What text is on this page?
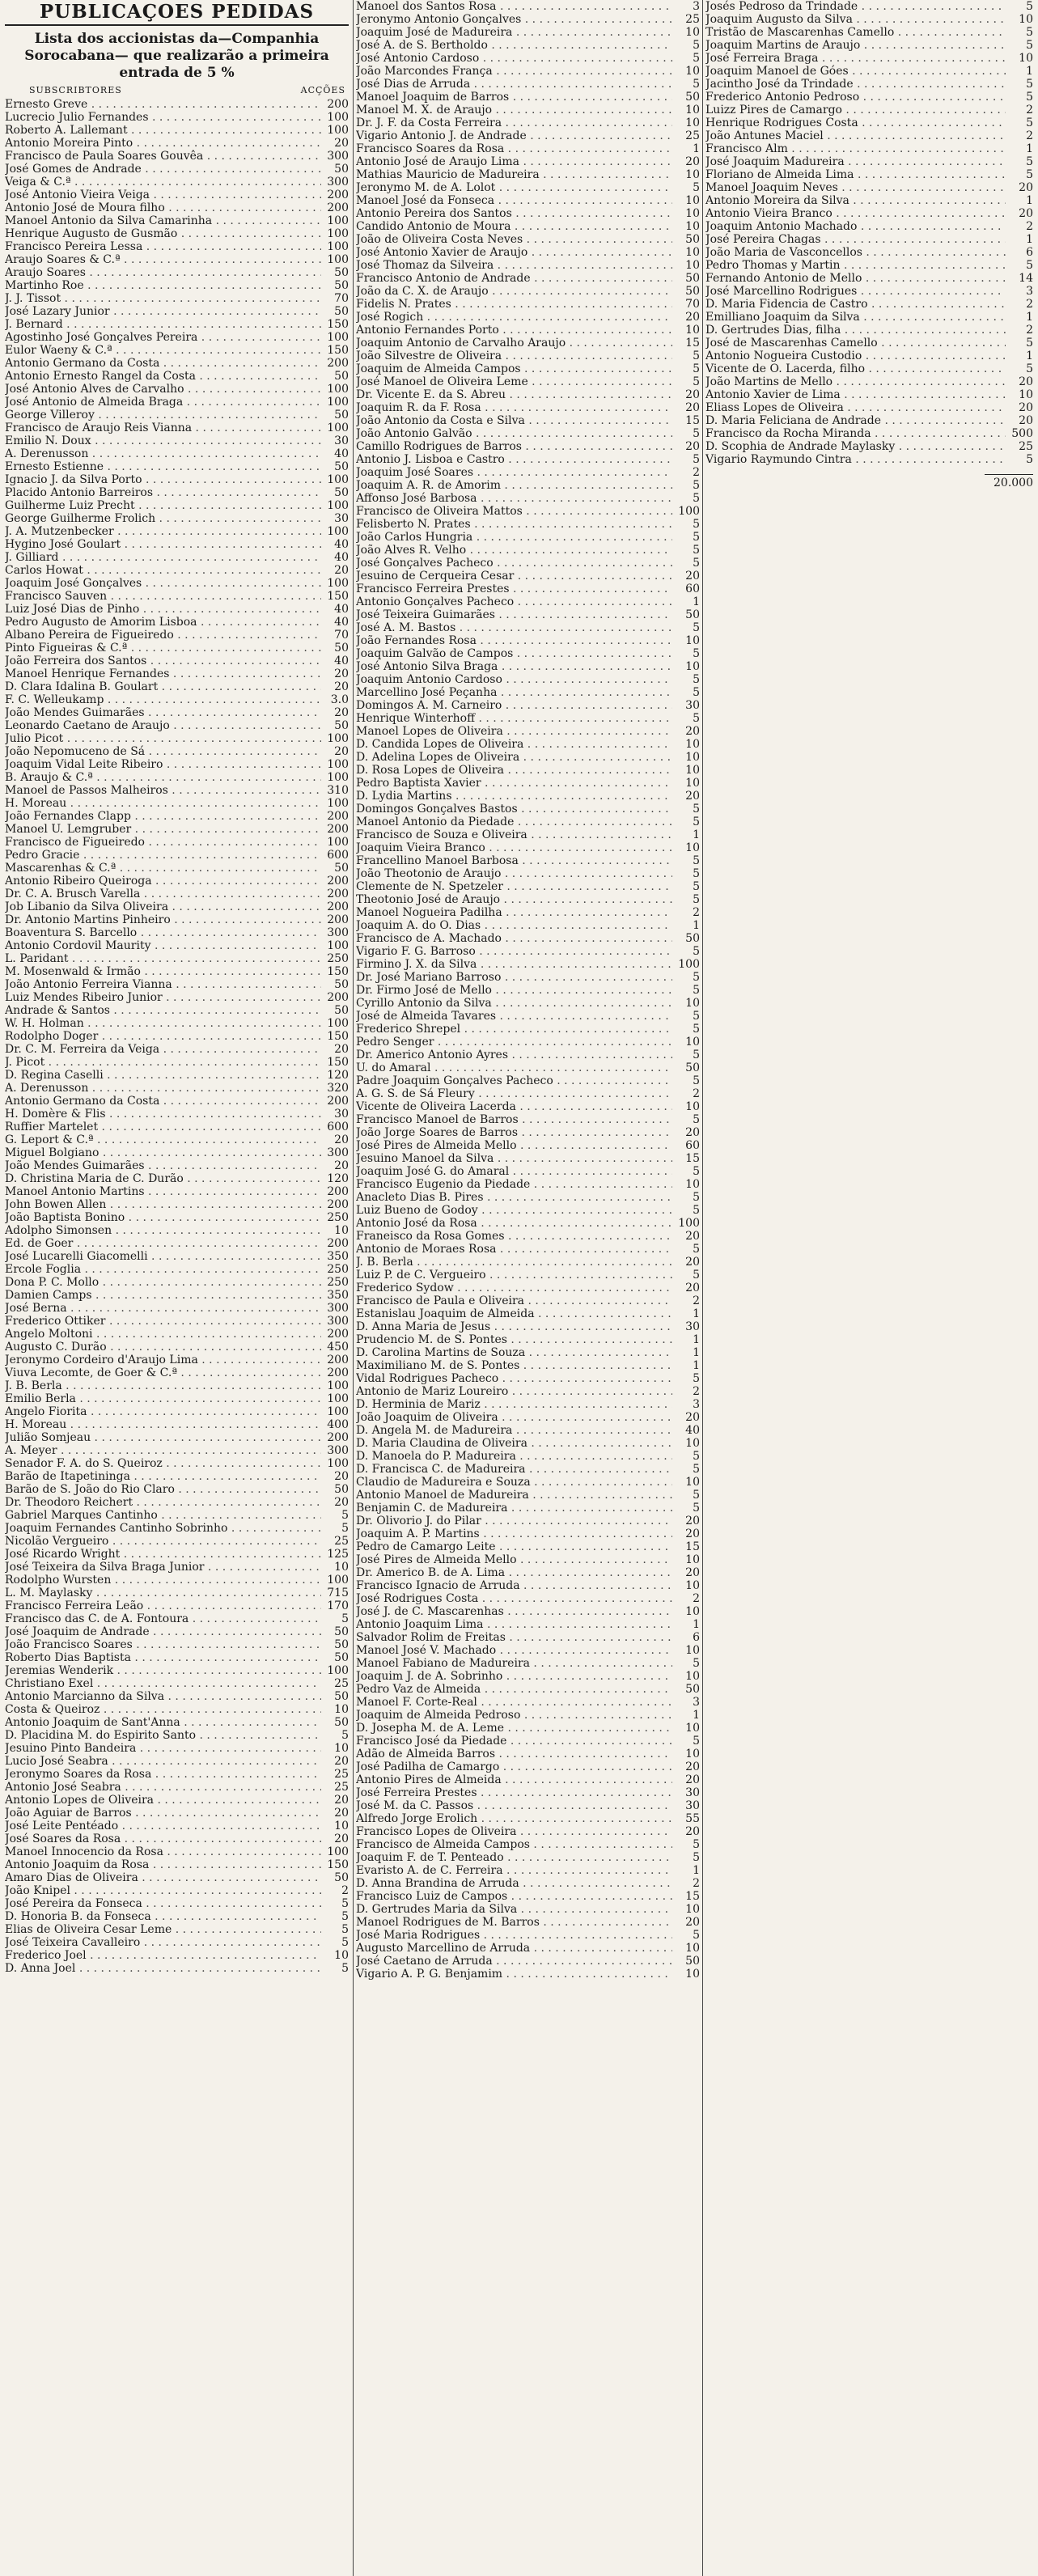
PUBLICAÇOES PEDIDAS
Lista dos accionistas da—Companhia Sorocabana— que realizarão a primeira entrada de 5 %
SUBSCRIBTORES	ACÇÕES
Ernesto Greve . . .	200
Lucrecio Julio Fernandes . . .	100
Roberto A. Lallemant . . .	100
Antonio Moreira Pinto . . .	20
Francisco de Paula Soares Gouvêa . . .	300
José Gomes de Andrade . . .	50
Veiga & C.ª . . .	300
José Antonio Vieira Veiga . . .	200
Antonio José de Moura filho . . .	200
Manoel Antonio da Silva Camarinha . . .	100
Henrique Augusto de Gusmão . . .	100
Francisco Pereira Lessa . . .	100
Araujo Soares & C.ª . . .	100
Araujo Soares . . .	50
Martinho Roe . . .	50
J. J. Tissot . . .	70
José Lazary Junior . . .	50
J. Bernard . . .	150
Agostinho José Gonçalves Pereira . . .	100
Eulor Waeny & C.ª . . .	150
Antonio Germano da Costa . . .	200
Antonio Ernesto Rangel da Costa . . .	50
José Antonio Alves de Carvalho . . .	100
José Antonio de Almeida Braga . . .	100
George Villeroy . . .	50
Francisco de Araujo Reis Vianna . . .	100
Emilio N. Doux . . .	30
A. Derenusson . . .	40
Ernesto Estienne . . .	50
Ignacio J. da Silva Porto . . .	100
Placido Antonio Barreiros . . .	50
Guilherme Luiz Precht . . .	100
George Guilherme Frolich . . .	30
J. A. Mutzenbecker . . .	100
Hygino José Goulart . . .	40
J. Gilliard . . .	40
Carlos Howat . . .	20
Joaquim José Gonçalves . . .	100
Francisco Sauven . . .	150
Luiz José Dias de Pinho . . .	40
Pedro Augusto de Amorim Lisboa . . .	40
Albano Pereira de Figueiredo . . .	70
Pinto Figueiras & C.ª . . .	50
João Ferreira dos Santos . . .	40
Manoel Henrique Fernandes . . .	20
D. Clara Idalina B. Goulart . . .	20
F. C. Welleukamp . . .	3.0
João Mendes Guimarães . . .	20
Leonardo Caetano de Araujo . . .	50
Julio Picot . . .	100
João Nepomuceno de Sá . . .	20
Joaquim Vidal Leite Ribeiro . . .	100
B. Araujo & C.ª . . .	100
Manoel de Passos Malheiros . . .	310
H. Moreau . . .	100
João Fernandes Clapp . . .	200
Manoel U. Lemgruber . . .	200
Francisco de Figueiredo . . .	100
Pedro Gracie . . .	600
Mascarenhas & C.ª . . .	50
Antonio Ribeiro Queiroga . . .	200
Dr. C. A. Brusch Varella . . .	200
Job Libanio da Silva Oliveira . . .	200
Dr. Antonio Martins Pinheiro . . .	200
Boaventura S. Barcello . . .	300
Antonio Cordovil Maurity . . .	100
L. Paridant . . .	250
M. Mosenwald & Irmão . . .	150
João Antonio Ferreira Vianna . . .	50
Luiz Mendes Ribeiro Junior . . .	200
Andrade & Santos . . .	50
W. H. Holman . . .	100
Rodolpho Doger . . .	150
Dr. C. M. Ferreira da Veiga . . .	20
J. Picot . . .	150
D. Regina Caselli . . .	120
A. Derenusson . . .	320
Antonio Germano da Costa . . .	200
H. Domère & Flis . . .	30
Ruffier Martelet . . .	600
G. Leport & C.ª . . .	20
Miguel Bolgiano . . .	300
João Mendes Guimarães . . .	20
D. Christina Maria de C. Durão . . .	120
Manoel Antonio Martins . . .	200
John Bowen Allen . . .	200
João Baptista Bonino . . .	250
Adolpho Simonsen . . .	10
Ed. de Goer . . .	200
José Lucarelli Giacomelli . . .	350
Ercole Foglia . . .	250
Dona P. C. Mollo . . .	250
Damien Camps . . .	350
José Berna . . .	300
Frederico Ottiker . . .	300
Angelo Moltoni . . .	200
Augusto C. Durão . . .	450
Jeronymo Cordeiro d'Araujo Lima . . .	200
Viuva Lecomte, de Goer & C.ª . . .	200
J. B. Berla . . .	100
Emilio Berla . . .	100
Angelo Fiorita . . .	100
H. Moreau . . .	400
Julião Somjeau . . .	200
A. Meyer . . .	300
Senador F. A. do S. Queiroz . . .	100
Barão de Itapetininga . . .	20
Barão de S. João do Rio Claro . . .	50
Dr. Theodoro Reichert . . .	20
Gabriel Marques Cantinho . . .	5
Joaquim Fernandes Cantinho Sobrinho . . .	5
Nicolão Vergueiro . . .	25
José Ricardo Wright . . .	125
José Teixeira da Silva Braga Junior . . .	10
Rodolpho Wursten . . .	100
L. M. Maylasky . . .	715
Francisco Ferreira Leão . . .	170
Francisco das C. de A. Fontoura . . .	5
José Joaquim de Andrade . . .	50
João Francisco Soares . . .	50
Roberto Dias Baptista . . .	50
Jeremias Wenderik . . .	100
Christiano Exel . . .	25
Antonio Marcianno da Silva . . .	50
Costa & Queiroz . . .	10
Antonio Joaquim de Sant'Anna . . .	50
D. Placidina M. do Espirito Santo . . .	5
Jesuino Pinto Bandeira . . .	10
Lucio José Seabra . . .	20
Jeronymo Soares da Rosa . . .	25
Antonio José Seabra . . .	25
Antonio Lopes de Oliveira . . .	20
João Aguiar de Barros . . .	20
José Leite Pentéado . . .	10
José Soares da Rosa . . .	20
Manoel Innocencio da Rosa . . .	100
Antonio Joaquim da Rosa . . .	150
Amaro Dias de Oliveira . . .	50
João Knipel . . .	2
José Pereira da Fonseca . . .	5
D. Honoria B. da Fonseca . . .	5
Elias de Oliveira Cesar Leme . . .	5
José Teixeira Cavalleiro . . .	5
Frederico Joel . . .	10
D. Anna Joel . . .	5
Manoel dos Santos Rosa . . .	3
Jeronymo Antonio Gonçalves . . .	25
Joaquim José de Madureira . . .	10
José A. de S. Bertholdo . . .	5
José Antonio Cardoso . . .	5
João Marcondes França . . .	10
José Dias de Arruda . . .	5
Manoel Joaquim de Barros . . .	50
Manoel M. X. de Araujo . . .	10
Dr. J. F. da Costa Ferreira . . .	10
Vigario Antonio J. de Andrade . . .	25
Francisco Soares da Rosa . . .	1
Antonio José de Araujo Lima . . .	20
Mathias Mauricio de Madureira . . .	10
Jeronymo M. de A. Lolot . . .	5
Manoel José da Fonseca . . .	10
Antonio Pereira dos Santos . . .	10
Candido Antonio de Moura . . .	10
João de Oliveira Costa Neves . . .	50
José Antonio Xavier de Araujo . . .	10
José Thomaz da Silveira . . .	10
Francisco Antonio de Andrade . . .	50
João da C. X. de Araujo . . .	50
Fidelis N. Prates . . .	70
José Rogich . . .	20
Antonio Fernandes Porto . . .	10
Joaquim Antonio de Carvalho Araujo . . .	15
João Silvestre de Oliveira . . .	5
Joaquim de Almeida Campos . . .	5
José Manoel de Oliveira Leme . . .	5
Dr. Vicente E. da S. Abreu . . .	20
Joaquim R. da F. Rosa . . .	20
João Antonio da Costa e Silva . . .	15
João Antonio Galvão . . .	5
Camillo Rodrigues de Barros . . .	20
Antonio J. Lisboa e Castro . . .	5
Joaquim José Soares . . .	2
Joaquim A. R. de Amorim . . .	5
Affonso José Barbosa . . .	5
Francisco de Oliveira Mattos . . .	100
Felisberto N. Prates . . .	5
João Carlos Hungria . . .	5
João Alves R. Velho . . .	5
José Gonçalves Pacheco . . .	5
Jesuino de Cerqueira Cesar . . .	20
Francisco Ferreira Prestes . . .	60
Antonio Gonçalves Pacheco . . .	1
José Teixeira Guimarães . . .	50
José A. M. Bastos . . .	5
João Fernandes Rosa . . .	10
Joaquim Galvão de Campos . . .	5
José Antonio Silva Braga . . .	10
Joaquim Antonio Cardoso . . .	5
Marcellino José Peçanha . . .	5
Domingos A. M. Carneiro . . .	30
Henrique Winterhoff . . .	5
Manoel Lopes de Oliveira . . .	20
D. Candida Lopes de Oliveira . . .	10
D. Adelina Lopes de Oliveira . . .	10
D. Rosa Lopes de Oliveira . . .	10
Pedro Baptista Xavier . . .	10
D. Lydia Martins . . .	20
Domingos Gonçalves Bastos . . .	5
Manoel Antonio da Piedade . . .	5
Francisco de Souza e Oliveira . . .	1
Joaquim Vieira Branco . . .	10
Francellino Manoel Barbosa . . .	5
João Theotonio de Araujo . . .	5
Clemente de N. Spetzeler . . .	5
Theotonio José de Araujo . . .	5
Manoel Nogueira Padilha . . .	2
Joaquim A. do O. Dias . . .	1
Francisco de A. Machado . . .	50
Vigario F. G. Barroso . . .	5
Firmino J. X. da Silva . . .	100
Dr. José Mariano Barroso . . .	5
Dr. Firmo José de Mello . . .	5
Cyrillo Antonio da Silva . . .	10
José de Almeida Tavares . . .	5
Frederico Shrepel . . .	5
Pedro Senger . . .	10
Dr. Americo Antonio Ayres . . .	5
U. do Amaral . . .	50
Padre Joaquim Gonçalves Pacheco . . .	5
A. G. S. de Sá Fleury . . .	2
Vicente de Oliveira Lacerda . . .	10
Francisco Manoel de Barros . . .	5
João Jorge Soares de Barros . . .	20
José Pires de Almeida Mello . . .	60
Jesuino Manoel da Silva . . .	15
Joaquim José G. do Amaral . . .	5
Francisco Eugenio da Piedade . . .	10
Anacleto Dias B. Pires . . .	5
Luiz Bueno de Godoy . . .	5
Antonio José da Rosa . . .	100
Franeisco da Rosa Gomes . . .	20
Antonio de Moraes Rosa . . .	5
J. B. Berla . . .	20
Luiz P. de C. Vergueiro . . .	5
Frederico Sydow . . .	20
Francisco de Paula e Oliveira . . .	2
Estanislau Joaquim de Almeida . . .	1
D. Anna Maria de Jesus . . .	30
Prudencio M. de S. Pontes . . .	1
D. Carolina Martins de Souza . . .	1
Maximiliano M. de S. Pontes . . .	1
Vidal Rodrigues Pacheco . . .	5
Antonio de Mariz Loureiro . . .	2
D. Herminia de Mariz . . .	3
João Joaquim de Oliveira . . .	20
D. Angela M. de Madureira . . .	40
D. Maria Claudina de Oliveira . . .	10
D. Manoela do P. Madureira . . .	5
D. Francisca C. de Madureira . . .	5
Claudio de Madureira e Souza . . .	10
Antonio Manoel de Madureira . . .	5
Benjamin C. de Madureira . . .	5
Dr. Olivorio J. do Pilar . . .	20
Joaquim A. P. Martins . . .	20
Pedro de Camargo Leite . . .	15
José Pires de Almeida Mello . . .	10
Dr. Americo B. de A. Lima . . .	20
Francisco Ignacio de Arruda . . .	10
José Rodrigues Costa . . .	2
José J. de C. Mascarenhas . . .	10
Antonio Joaquim Lima . . .	1
Salvador Rolim de Freitas . . .	6
Manoel José V. Machado . . .	10
Manoel Fabiano de Madureira . . .	5
Joaquim J. de A. Sobrinho . . .	10
Pedro Vaz de Almeida . . .	50
Manoel F. Corte-Real . . .	3
Joaquim de Almeida Pedroso . . .	1
D. Josepha M. de A. Leme . . .	10
Francisco José da Piedade . . .	5
Adão de Almeida Barros . . .	10
José Padilha de Camargo . . .	20
Antonio Pires de Almeida . . .	20
José Ferreira Prestes . . .	30
José M. da C. Passos . . .	30
Alfredo Jorge Erolich . . .	55
Francisco Lopes de Oliveira . . .	20
Francisco de Almeida Campos . . .	5
Joaquim F. de T. Penteado . . .	5
Evaristo A. de C. Ferreira . . .	1
D. Anna Brandina de Arruda . . .	2
Francisco Luiz de Campos . . .	15
D. Gertrudes Maria da Silva . . .	10
Manoel Rodrigues de M. Barros . . .	20
José Maria Rodrigues . . .	5
Augusto Marcellino de Arruda . . .	10
José Caetano de Arruda . . .	50
Vigario A. P. G. Benjamim . . .	10
Josés Pedroso da Trindade . . .	5
Joaquim Augusto da Silva . . .	10
Tristão de Mascarenhas Camello . . .	5
Joaquim Martins de Araujo . . .	5
José Ferreira Braga . . .	10
Joaquim Manoel de Góes . . .	1
Jacintho José da Trindade . . .	5
Frederico Antonio Pedroso . . .	5
Luizz Pires de Camargo . . .	2
Henrique Rodrigues Costa . . .	5
João Antunes Maciel . . .	2
Francisco Alm . . .	1
José Joaquim Madureira . . .	5
Floriano de Almeida Lima . . .	5
Manoel Joaquim Neves . . .	20
Antonio Moreira da Silva . . .	1
Antonio Vieira Branco . . .	20
Joaquim Antonio Machado . . .	2
José Pereira Chagas . . .	1
João Maria de Vasconcellos . . .	6
Pedro Thomas y Martin . . .	5
Fernando Antonio de Mello . . .	14
José Marcellino Rodrigues . . .	3
D. Maria Fidencia de Castro . . .	2
Emilliano Joaquim da Silva . . .	1
D. Gertrudes Dias, filha . . .	2
José de Mascarenhas Camello . . .	5
Antonio Nogueira Custodio . . .	1
Vicente de O. Lacerda, filho . . .	5
João Martins de Mello . . .	20
Antonio Xavier de Lima . . .	10
Eliass Lopes de Oliveira . . .	20
D. Maria Feliciana de Andrade . . .	20
Francisco da Rocha Miranda . . .	500
D. Scophia de Andrade Maylasky . . .	25
Vigario Raymundo Cintra . . .	5
20.000
